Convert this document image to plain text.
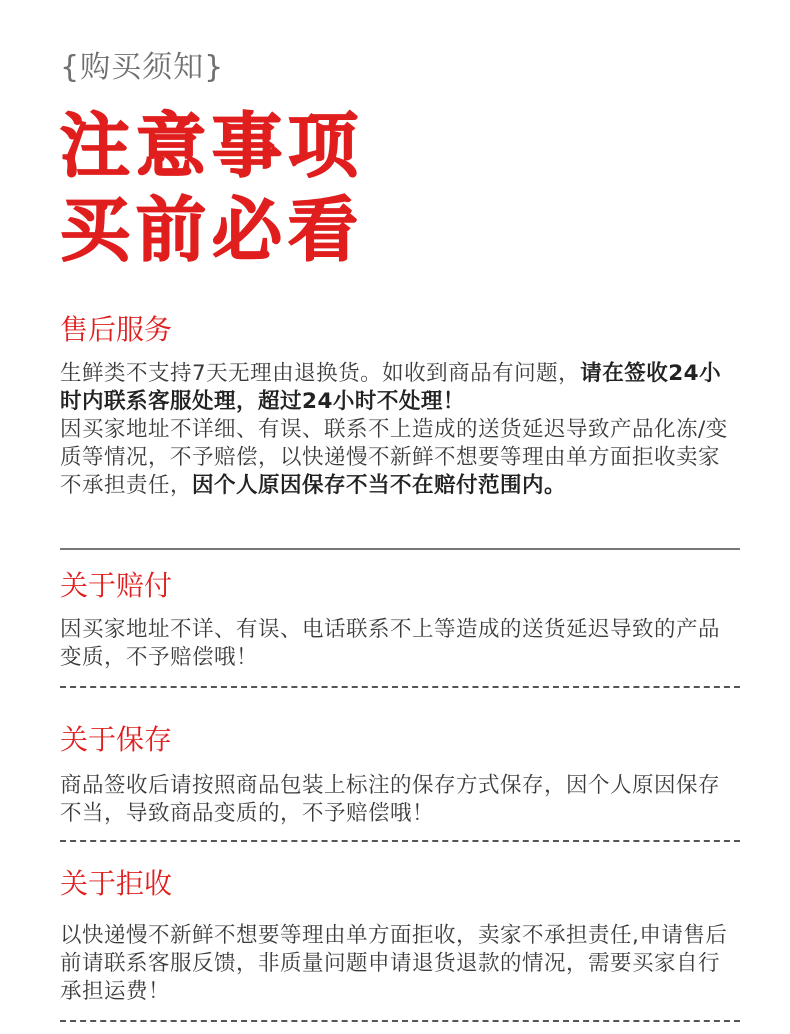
{购买须知}
注意事项
买前必看
售后服务
生鲜类不支持7天无理由退换货。如收到商品有问题，请在签收24小时内联系客服处理，超过24小时不处理！
因买家地址不详细、有误、联系不上造成的送货延迟导致产品化冻/变质等情况，不予赔偿，以快递慢不新鲜不想要等理由单方面拒收卖家不承担责任，因个人原因保存不当不在赔付范围内。
关于赔付
因买家地址不详、有误、电话联系不上等造成的送货延迟导致的产品变质，不予赔偿哦！
关于保存
商品签收后请按照商品包装上标注的保存方式保存，因个人原因保存不当，导致商品变质的，不予赔偿哦！
关于拒收
以快递慢不新鲜不想要等理由单方面拒收，卖家不承担责任,申请售后前请联系客服反馈，非质量问题申请退货退款的情况，需要买家自行承担运费！
